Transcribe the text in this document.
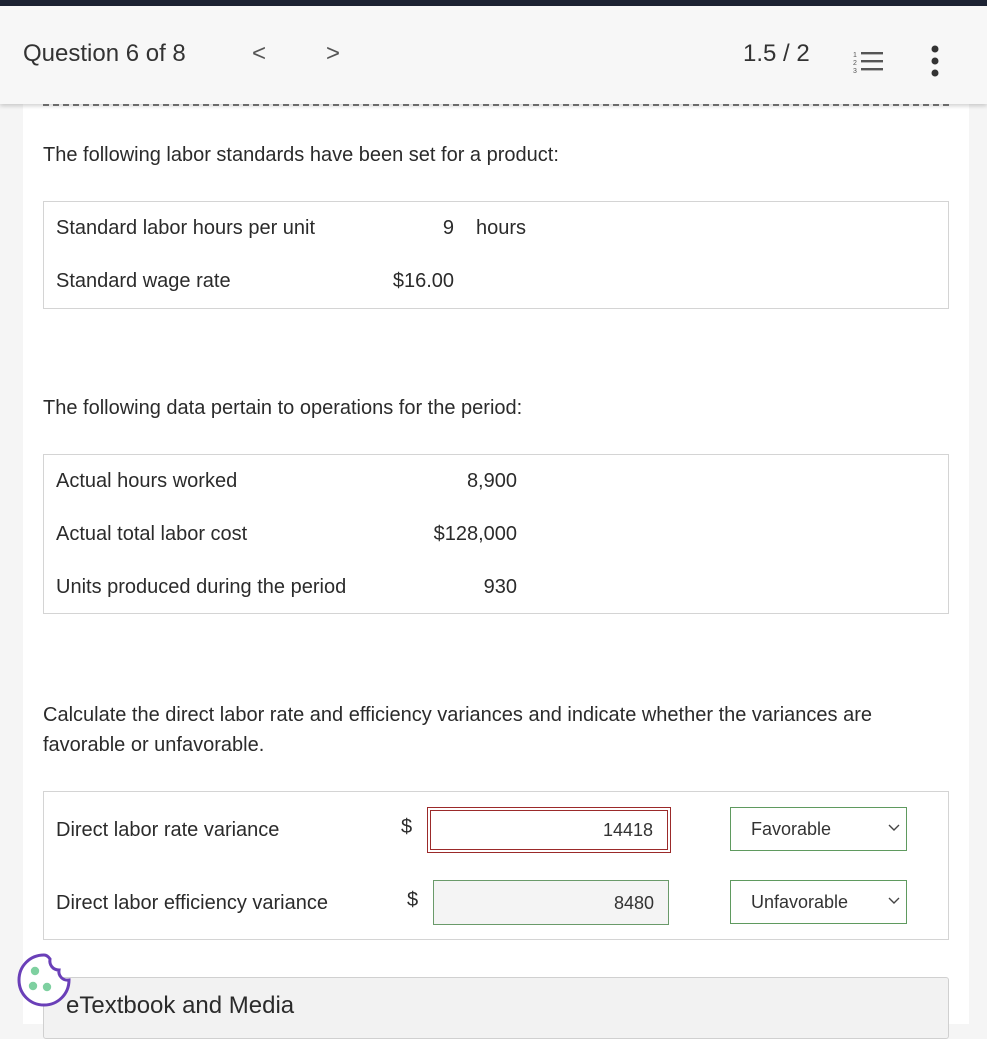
Question 6 of 8	< >	1.5 / 2	1
2
3
The following labor standards have been set for a product:
Standard labor hours per unit	9 hours
Standard wage rate	$16.00
The following data pertain to operations for the period:
Actual hours worked	8,900
Actual total labor cost	$128,000
Units produced during the period	930
Calculate the direct labor rate and efficiency variances and indicate whether the variances are
favorable or unfavorable.
Direct labor rate variance	$	14418	Favorable
Direct labor efficiency variance	$	8480	Unfavorable
eTextbook and Media
